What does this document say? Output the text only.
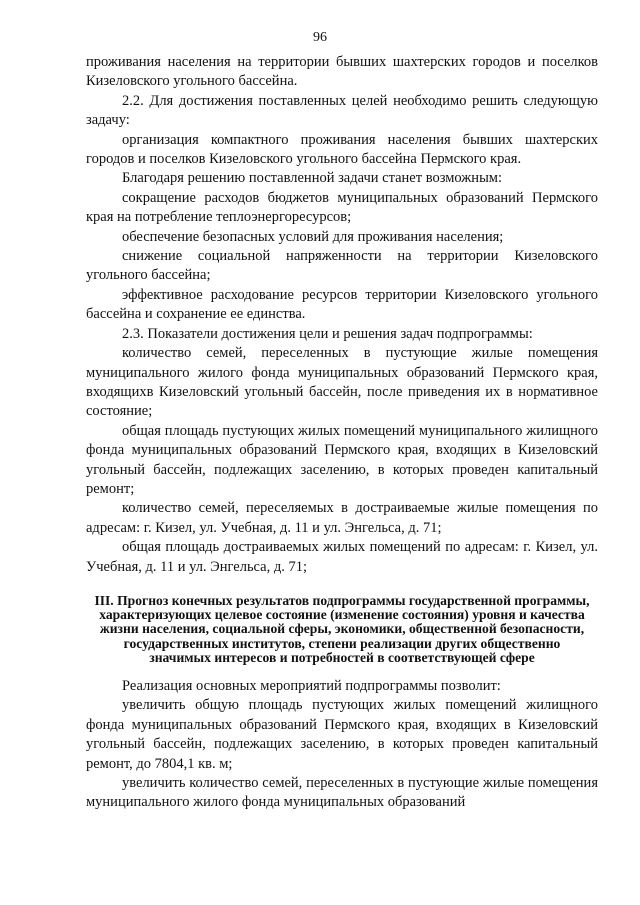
96

проживания населения на территории бывших шахтерских городов и поселков Кизеловского угольного бассейна.

2.2. Для достижения поставленных целей необходимо решить следующую задачу:

организация компактного проживания населения бывших шахтерских городов и поселков Кизеловского угольного бассейна Пермского края.

Благодаря решению поставленной задачи станет возможным:

сокращение расходов бюджетов муниципальных образований Пермского края на потребление теплоэнергоресурсов;

обеспечение безопасных условий для проживания населения;

снижение социальной напряженности на территории Кизеловского угольного бассейна;

эффективное расходование ресурсов территории Кизеловского угольного бассейна и сохранение ее единства.

2.3. Показатели достижения цели и решения задач подпрограммы:

количество семей, переселенных в пустующие жилые помещения муниципального жилого фонда муниципальных образований Пермского края, входящихв Кизеловский угольный бассейн, после приведения их в нормативное состояние;

общая площадь пустующих жилых помещений муниципального жилищного фонда муниципальных образований Пермского края, входящих в Кизеловский угольный бассейн, подлежащих заселению, в которых проведен капитальный ремонт;

количество семей, переселяемых в достраиваемые жилые помещения по адресам: г. Кизел, ул. Учебная, д. 11 и ул. Энгельса, д. 71;

общая площадь достраиваемых жилых помещений по адресам: г. Кизел, ул. Учебная, д. 11 и ул. Энгельса, д. 71;

III. Прогноз конечных результатов подпрограммы государственной программы, характеризующих целевое состояние (изменение состояния) уровня и качества жизни населения, социальной сферы, экономики, общественной безопасности, государственных институтов, степени реализации других общественно значимых интересов и потребностей в соответствующей сфере

Реализация основных мероприятий подпрограммы позволит:

увеличить общую площадь пустующих жилых помещений жилищного фонда муниципальных образований Пермского края, входящих в Кизеловский угольный бассейн, подлежащих заселению, в которых проведен капитальный ремонт, до 7804,1 кв. м;

увеличить количество семей, переселенных в пустующие жилые помещения муниципального жилого фонда муниципальных образований
